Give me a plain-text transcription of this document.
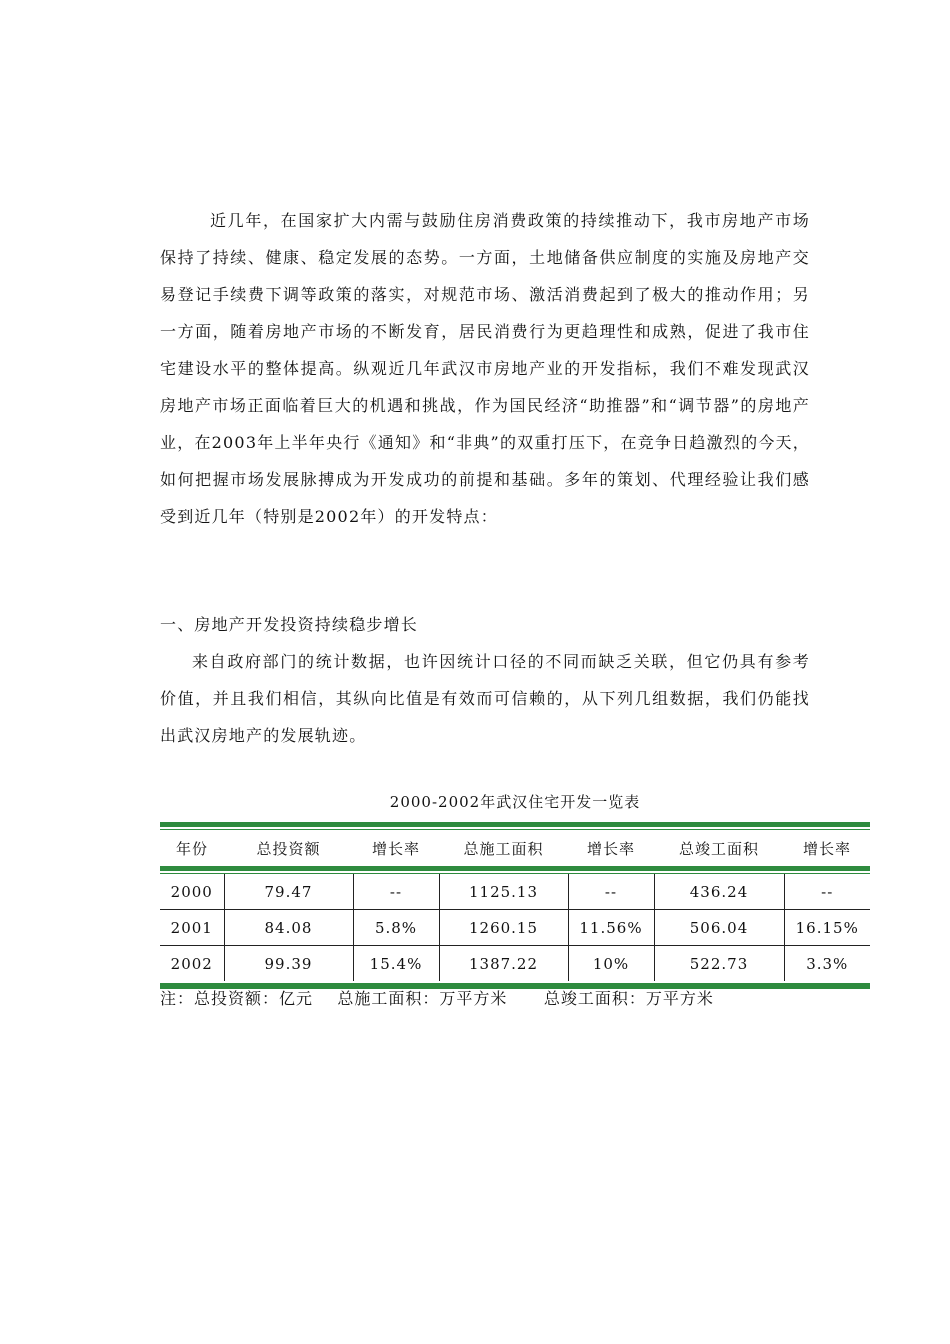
近几年，在国家扩大内需与鼓励住房消费政策的持续推动下，我市房地产市场保持了持续、健康、稳定发展的态势。一方面，土地储备供应制度的实施及房地产交易登记手续费下调等政策的落实，对规范市场、激活消费起到了极大的推动作用；另一方面，随着房地产市场的不断发育，居民消费行为更趋理性和成熟，促进了我市住宅建设水平的整体提高。纵观近几年武汉市房地产业的开发指标，我们不难发现武汉房地产市场正面临着巨大的机遇和挑战，作为国民经济“助推器”和“调节器”的房地产业，在2003年上半年央行《通知》和“非典”的双重打压下，在竞争日趋激烈的今天，如何把握市场发展脉搏成为开发成功的前提和基础。多年的策划、代理经验让我们感受到近几年（特别是2002年）的开发特点：

一、房地产开发投资持续稳步增长

来自政府部门的统计数据，也许因统计口径的不同而缺乏关联，但它仍具有参考价值，并且我们相信，其纵向比值是有效而可信赖的，从下列几组数据，我们仍能找出武汉房地产的发展轨迹。

2000-2002年武汉住宅开发一览表
年份	总投资额	增长率	总施工面积	增长率	总竣工面积	增长率
2000	79.47	--	1125.13	--	436.24	--
2001	84.08	5.8%	1260.15	11.56%	506.04	16.15%
2002	99.39	15.4%	1387.22	10%	522.73	3.3%
注：总投资额：亿元    总施工面积：万平方米      总竣工面积：万平方米
